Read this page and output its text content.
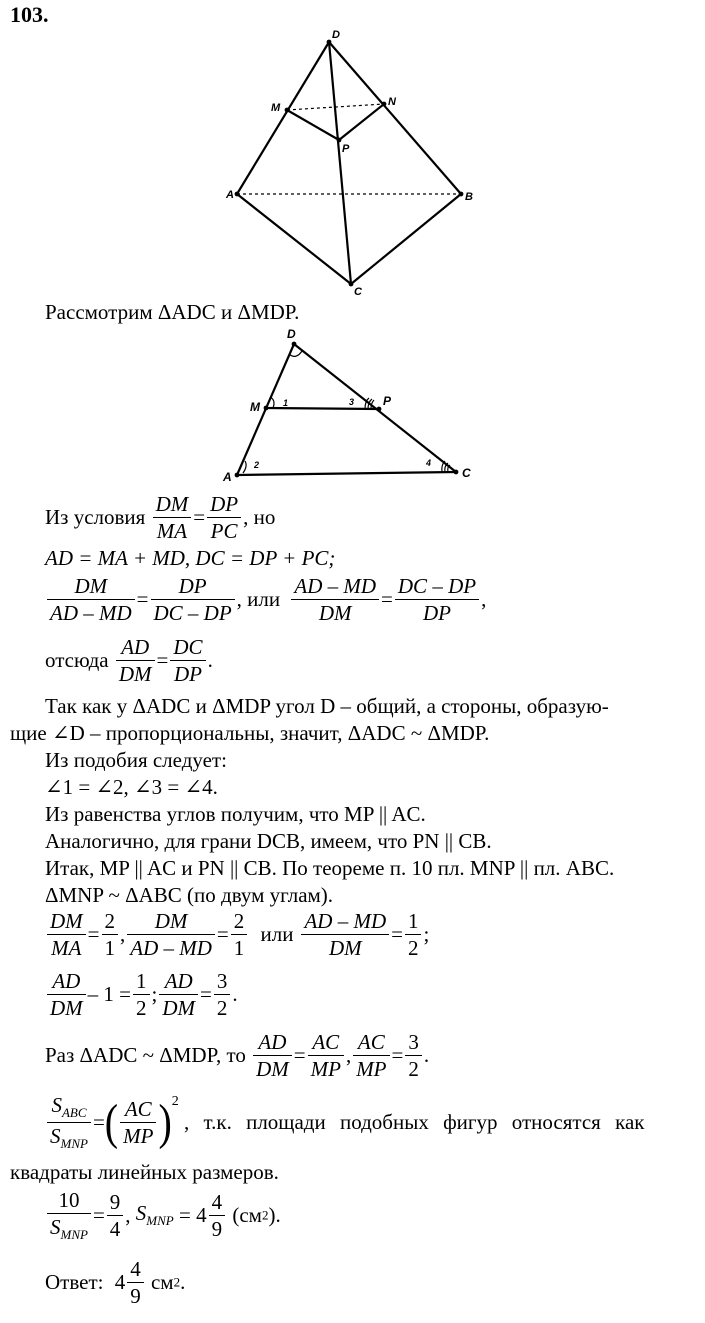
103.
D
M	N
P
A	B
C
Рассмотрим ΔADC и ΔMDP.
D
M	P
A	C
1
2
3
4
Из условия $\frac{DM}{MA} = \frac{DP}{PC}$ , но
AD = MA + MD, DC = DP + PC;
$\frac{DM}{AD - MD} = \frac{DP}{DC - DP}$ , или $\frac{AD - MD}{DM} = \frac{DC - DP}{DP}$ ,
отсюда $\frac{AD}{DM} = \frac{DC}{DP}$ .
Так как у ΔADC и ΔMDP угол D – общий, а стороны, образую-
щие ∠D – пропорциональны, значит, ΔADC ~ ΔMDP.
Из подобия следует:
∠1 = ∠2, ∠3 = ∠4.
Из равенства углов получим, что MP || AC.
Аналогично, для грани DCB, имеем, что PN || CB.
Итак, MP || AC и PN || CB. По теореме п. 10 пл. MNP || пл. ABC.
ΔMNP ~ ΔABC (по двум углам).
$\frac{DM}{MA} = \frac{2}{1}$ , $\frac{DM}{AD - MD} = \frac{2}{1}$ или $\frac{AD - MD}{DM} = \frac{1}{2}$ ;
$\frac{AD}{DM} - 1 = \frac{1}{2}$ ; $\frac{AD}{DM} = \frac{3}{2}$ .
Раз ΔADC ~ ΔMDP, то $\frac{AD}{DM} = \frac{AC}{MP}$ , $\frac{AC}{MP} = \frac{3}{2}$ .
$\frac{S_{ABC}}{S_{MNP}}$ =( $\frac{AC}{MP} )^2$ , т.к. площади подобных фигур относятся как
квадраты линейных размеров.
$\frac{10}{S_{MNP}} = \frac{9}{4}$ , $S_{MNP} = 4 \frac{4}{9} (см2)$.
Ответ: $4 \frac{4}{9} см2$.
